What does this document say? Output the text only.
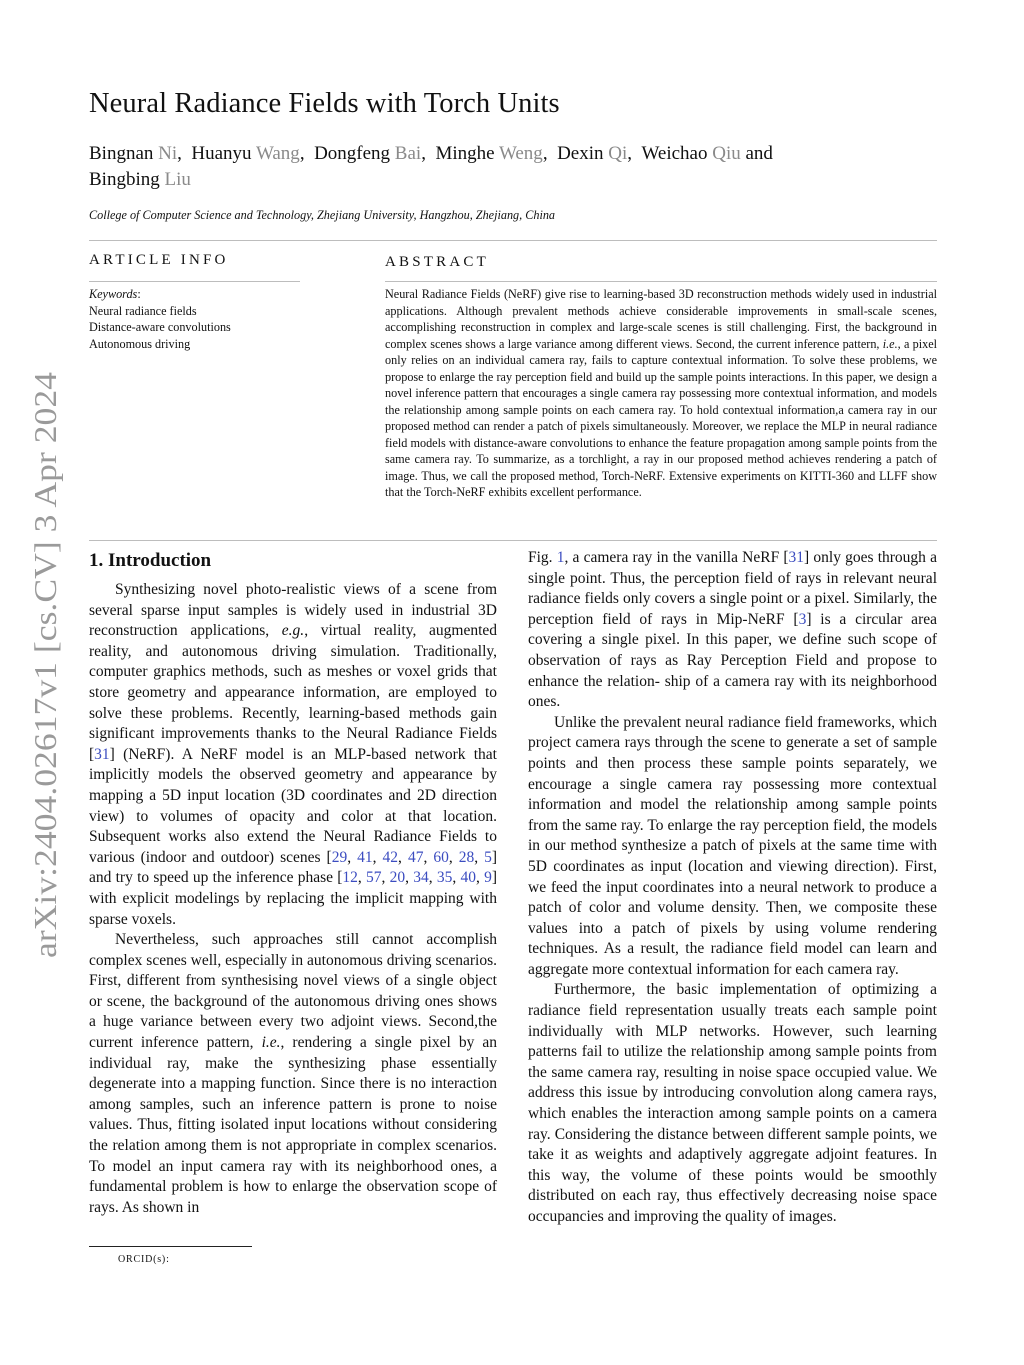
arXiv:2404.02617v1 [cs.CV] 3 Apr 2024
Neural Radiance Fields with Torch Units
Bingnan Ni, Huanyu Wang, Dongfeng Bai, Minghe Weng, Dexin Qi, Weichao Qiu and
Bingbing Liu
College of Computer Science and Technology, Zhejiang University, Hangzhou, Zhejiang, China
ARTICLE INFO	ABSTRACT
Keywords:
Neural radiance fields
Distance-aware convolutions
Autonomous driving
Neural Radiance Fields (NeRF) give rise to learning-based 3D reconstruction methods widely used in industrial applications. Although prevalent methods achieve considerable improvements in small-scale scenes, accomplishing reconstruction in complex and large-scale scenes is still challenging. First, the background in complex scenes shows a large variance among different views. Second, the current inference pattern, i.e., a pixel only relies on an individual camera ray, fails to capture contextual information. To solve these problems, we propose to enlarge the ray perception field and build up the sample points interactions. In this paper, we design a novel inference pattern that encourages a single camera ray possessing more contextual information, and models the relationship among sample points on each camera ray. To hold contextual information,a camera ray in our proposed method can render a patch of pixels simultaneously. Moreover, we replace the MLP in neural radiance field models with distance-aware convolutions to enhance the feature propagation among sample points from the same camera ray. To summarize, as a torchlight, a ray in our proposed method achieves rendering a patch of image. Thus, we call the proposed method, Torch-NeRF. Extensive experiments on KITTI-360 and LLFF show that the Torch-NeRF exhibits excellent performance.
1. Introduction

Synthesizing novel photo-realistic views of a scene from several sparse input samples is widely used in industrial 3D reconstruction applications, e.g., virtual reality, augmented reality, and autonomous driving simulation. Traditionally, computer graphics methods, such as meshes or voxel grids that store geometry and appearance information, are employed to solve these problems. Recently, learning-based methods gain significant improvements thanks to the Neural Radiance Fields [31] (NeRF). A NeRF model is an MLP-based network that implicitly models the observed geometry and appearance by mapping a 5D input location (3D coordinates and 2D direction view) to volumes of opacity and color at that location. Subsequent works also extend the Neural Radiance Fields to various (indoor and outdoor) scenes [29, 41, 42, 47, 60, 28, 5] and try to speed up the inference phase [12, 57, 20, 34, 35, 40, 9] with explicit modelings by replacing the implicit mapping with sparse voxels.

Nevertheless, such approaches still cannot accomplish complex scenes well, especially in autonomous driving scenarios. First, different from synthesising novel views of a single object or scene, the background of the autonomous driving ones shows a huge variance between every two adjoint views. Second,the current inference pattern, i.e., rendering a single pixel by an individual ray, make the synthesizing phase essentially degenerate into a mapping function. Since there is no interaction among samples, such an inference pattern is prone to noise values. Thus, fitting isolated input locations without considering the relation among them is not appropriate in complex scenarios. To model an input camera ray with its neighborhood ones, a fundamental problem is how to enlarge the observation scope of rays. As shown in

Fig. 1, a camera ray in the vanilla NeRF [31] only goes through a single point. Thus, the perception field of rays in relevant neural radiance fields only covers a single point or a pixel. Similarly, the perception field of rays in Mip-NeRF [3] is a circular area covering a single pixel. In this paper, we define such scope of observation of rays as Ray Perception Field and propose to enhance the relation- ship of a camera ray with its neighborhood ones.

Unlike the prevalent neural radiance field frameworks, which project camera rays through the scene to generate a set of sample points and then process these sample points separately, we encourage a single camera ray possessing more contextual information and model the relationship among sample points from the same ray. To enlarge the ray perception field, the models in our method synthesize a patch of pixels at the same time with 5D coordinates as input (location and viewing direction). First, we feed the input coordinates into a neural network to produce a patch of color and volume density. Then, we composite these values into a patch of pixels by using volume rendering techniques. As a result, the radiance field model can learn and aggregate more contextual information for each camera ray.

Furthermore, the basic implementation of optimizing a radiance field representation usually treats each sample point individually with MLP networks. However, such learning patterns fail to utilize the relationship among sample points from the same camera ray, resulting in noise space occupied value. We address this issue by introducing convolution along camera rays, which enables the interaction among sample points on a camera ray. Considering the distance between different sample points, we take it as weights and adaptively aggregate adjoint features. In this way, the volume of these points would be smoothly distributed on each ray, thus effectively decreasing noise space occupancies and improving the quality of images.

ORCID(s):
